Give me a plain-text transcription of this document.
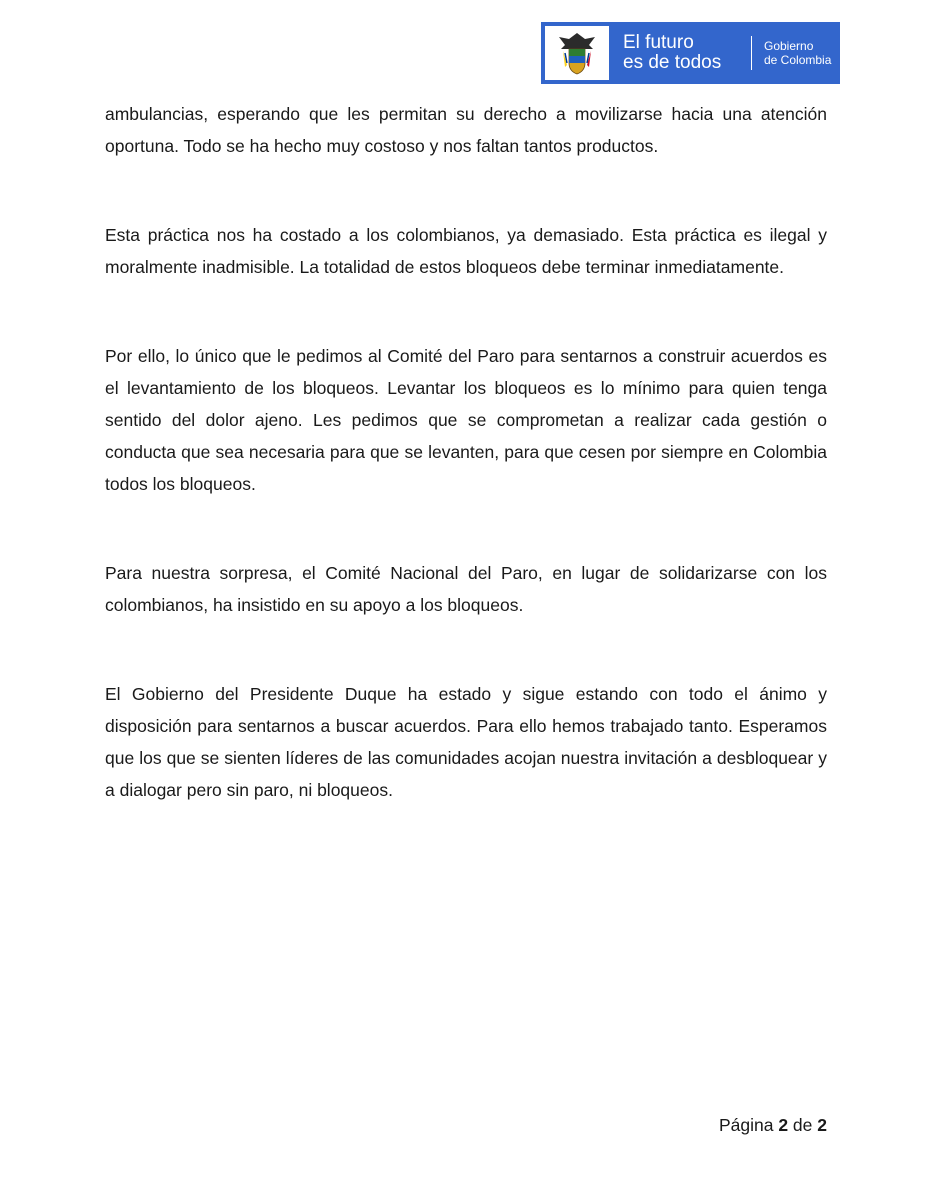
El futuro
es de todos
Gobierno
de Colombia

ambulancias, esperando que les permitan su derecho a movilizarse hacia una atención oportuna. Todo se ha hecho muy costoso y nos faltan tantos productos.

Esta práctica nos ha costado a los colombianos, ya demasiado. Esta práctica es ilegal y moralmente inadmisible. La totalidad de estos bloqueos debe terminar inmediatamente.

Por ello, lo único que le pedimos al Comité del Paro para sentarnos a construir acuerdos es el levantamiento de los bloqueos. Levantar los bloqueos es lo mínimo para quien tenga sentido del dolor ajeno. Les pedimos que se comprometan a realizar cada gestión o conducta que sea necesaria para que se levanten, para que cesen por siempre en Colombia todos los bloqueos.

Para nuestra sorpresa, el Comité Nacional del Paro, en lugar de solidarizarse con los colombianos, ha insistido en su apoyo a los bloqueos.

El Gobierno del Presidente Duque ha estado y sigue estando con todo el ánimo y disposición para sentarnos a buscar acuerdos. Para ello hemos trabajado tanto. Esperamos que los que se sienten líderes de las comunidades acojan nuestra invitación a desbloquear y a dialogar pero sin paro, ni bloqueos.

Página 2 de 2
